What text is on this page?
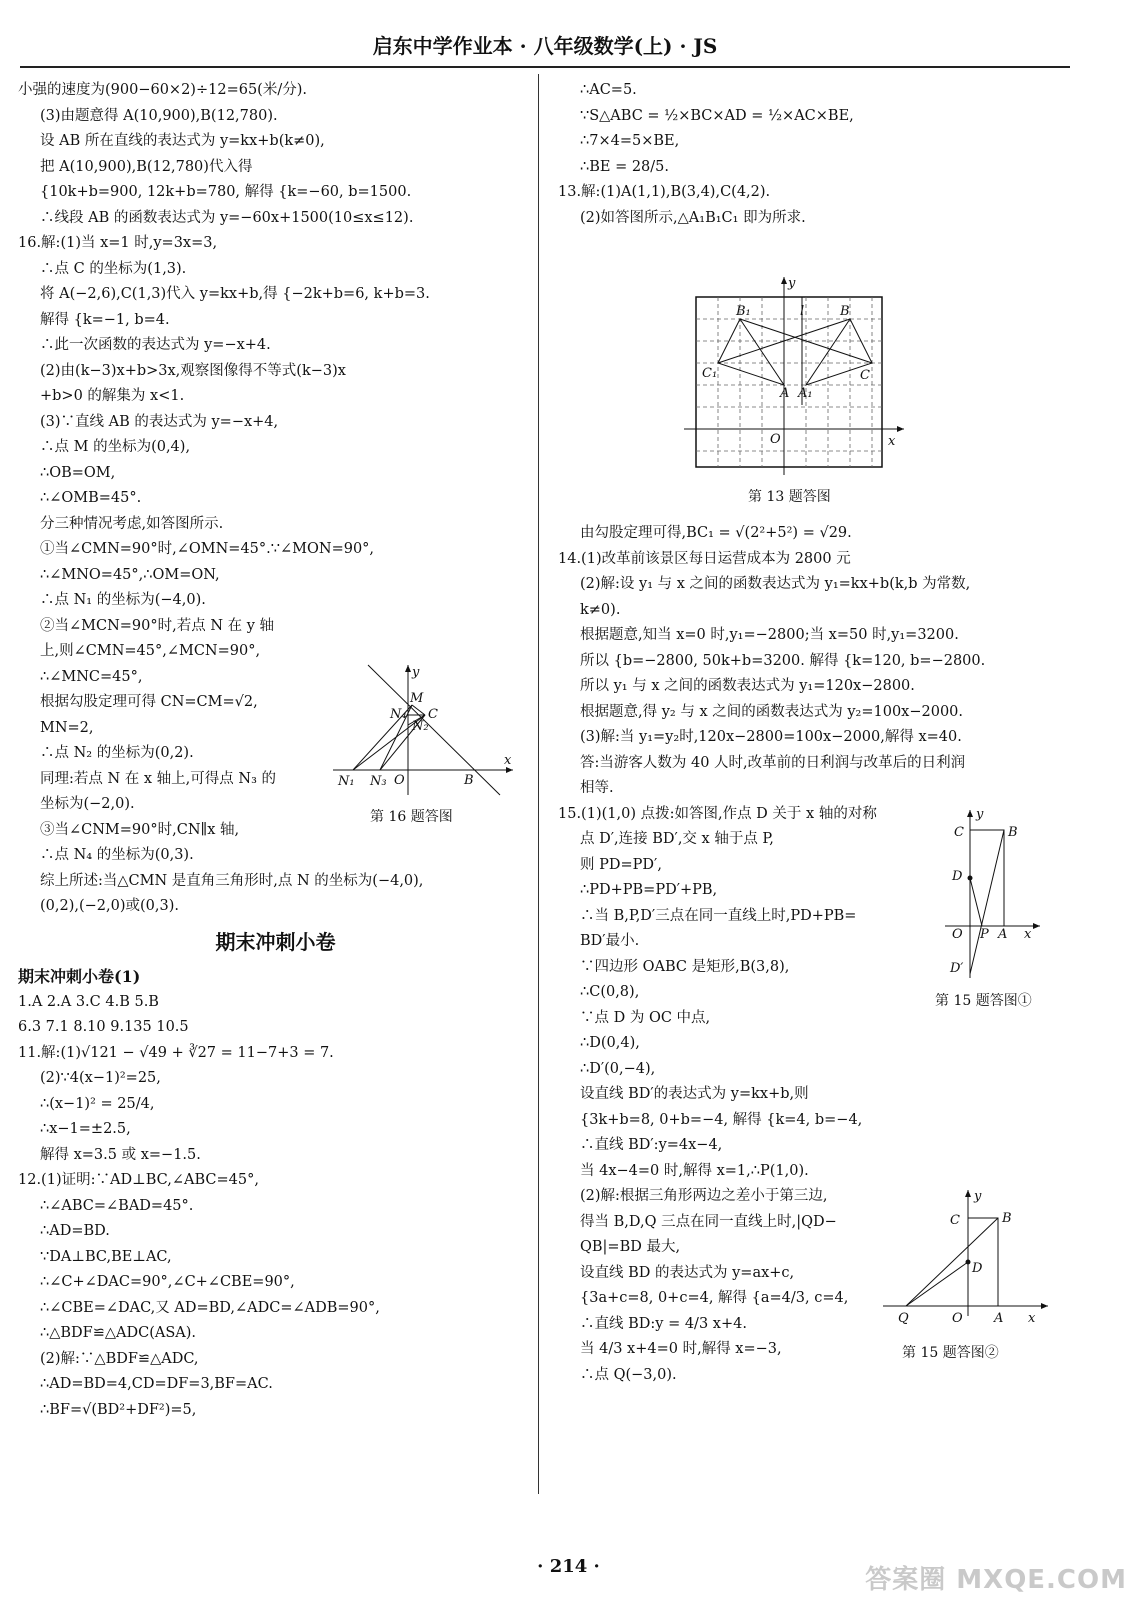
启东中学作业本 · 八年级数学(上) · JS
小强的速度为(900−60×2)÷12=65(米/分).
(3)由题意得 A(10,900),B(12,780).
设 AB 所在直线的表达式为 y=kx+b(k≠0),
把 A(10,900),B(12,780)代入得
{10k+b=900, 12k+b=780, 解得 {k=−60, b=1500.
∴线段 AB 的函数表达式为 y=−60x+1500(10≤x≤12).
16.解:(1)当 x=1 时,y=3x=3,
∴点 C 的坐标为(1,3).
将 A(−2,6),C(1,3)代入 y=kx+b,得 {−2k+b=6, k+b=3.
解得 {k=−1, b=4.
∴此一次函数的表达式为 y=−x+4.
(2)由(k−3)x+b>3x,观察图像得不等式(k−3)x
+b>0 的解集为 x<1.
(3)∵直线 AB 的表达式为 y=−x+4,
∴点 M 的坐标为(0,4),
∴OB=OM,
∴∠OMB=45°.
分三种情况考虑,如答图所示.
①当∠CMN=90°时,∠OMN=45°.∵∠MON=90°,
∴∠MNO=45°,∴OM=ON,
∴点 N₁ 的坐标为(−4,0).
②当∠MCN=90°时,若点 N 在 y 轴
上,则∠CMN=45°,∠MCN=90°,
∴∠MNC=45°,
根据勾股定理可得 CN=CM=√2,
MN=2,
∴点 N₂ 的坐标为(0,2).
同理:若点 N 在 x 轴上,可得点 N₃ 的
坐标为(−2,0).
③当∠CNM=90°时,CN∥x 轴,
∴点 N₄ 的坐标为(0,3).
综上所述:当△CMN 是直角三角形时,点 N 的坐标为(−4,0),
(0,2),(−2,0)或(0,3).
期末冲刺小卷
期末冲刺小卷(1)
1.A 2.A 3.C 4.B 5.B
6.3 7.1 8.10 9.135 10.5
11.解:(1)√121 − √49 + ∛27 = 11−7+3 = 7.
(2)∵4(x−1)²=25,
∴(x−1)² = 25/4,
∴x−1=±2.5,
解得 x=3.5 或 x=−1.5.
12.(1)证明:∵AD⊥BC,∠ABC=45°,
∴∠ABC=∠BAD=45°.
∴AD=BD.
∵DA⊥BC,BE⊥AC,
∴∠C+∠DAC=90°,∠C+∠CBE=90°,
∴∠CBE=∠DAC,又 AD=BD,∠ADC=∠ADB=90°,
∴△BDF≌△ADC(ASA).
(2)解:∵△BDF≌△ADC,
∴AD=BD=4,CD=DF=3,BF=AC.
∴BF=√(BD²+DF²)=5,
∴AC=5.
∵S△ABC = ½×BC×AD = ½×AC×BE,
∴7×4=5×BE,
∴BE = 28/5.
13.解:(1)A(1,1),B(3,4),C(4,2).
(2)如答图所示,△A₁B₁C₁ 即为所求.
由勾股定理可得,BC₁ = √(2²+5²) = √29.
14.(1)改革前该景区每日运营成本为 2800 元
(2)解:设 y₁ 与 x 之间的函数表达式为 y₁=kx+b(k,b 为常数,
k≠0).
根据题意,知当 x=0 时,y₁=−2800;当 x=50 时,y₁=3200.
所以 {b=−2800, 50k+b=3200. 解得 {k=120, b=−2800.
所以 y₁ 与 x 之间的函数表达式为 y₁=120x−2800.
根据题意,得 y₂ 与 x 之间的函数表达式为 y₂=100x−2000.
(3)解:当 y₁=y₂时,120x−2800=100x−2000,解得 x=40.
答:当游客人数为 40 人时,改革前的日利润与改革后的日利润
相等.
15.(1)(1,0) 点拨:如答图,作点 D 关于 x 轴的对称
点 D′,连接 BD′,交 x 轴于点 P,
则 PD=PD′,
∴PD+PB=PD′+PB,
∴当 B,P,D′三点在同一直线上时,PD+PB=
BD′最小.
∵四边形 OABC 是矩形,B(3,8),
∴C(0,8),
∵点 D 为 OC 中点,
∴D(0,4),
∴D′(0,−4),
设直线 BD′的表达式为 y=kx+b,则
{3k+b=8, 0+b=−4, 解得 {k=4, b=−4,
∴直线 BD′:y=4x−4,
当 4x−4=0 时,解得 x=1,∴P(1,0).
(2)解:根据三角形两边之差小于第三边,
得当 B,D,Q 三点在同一直线上时,|QD−
QB|=BD 最大,
设直线 BD 的表达式为 y=ax+c,
{3a+c=8, 0+c=4, 解得 {a=4/3, c=4,
∴直线 BD:y = 4/3 x+4.
当 4/3 x+4=0 时,解得 x=−3,
∴点 Q(−3,0).
y
M
C
N₂
N₄
N₁ N₃ O	B
x
第 16 题答图
y
B₁	l	B
C₁	C
A A₁
O	x
第 13 题答图
y
C	B
D
O P A x
D′
第 15 题答图①
y
C	B
D
Q	O A x
第 15 题答图②
· 214 ·	答案圈 MXQE.COM
